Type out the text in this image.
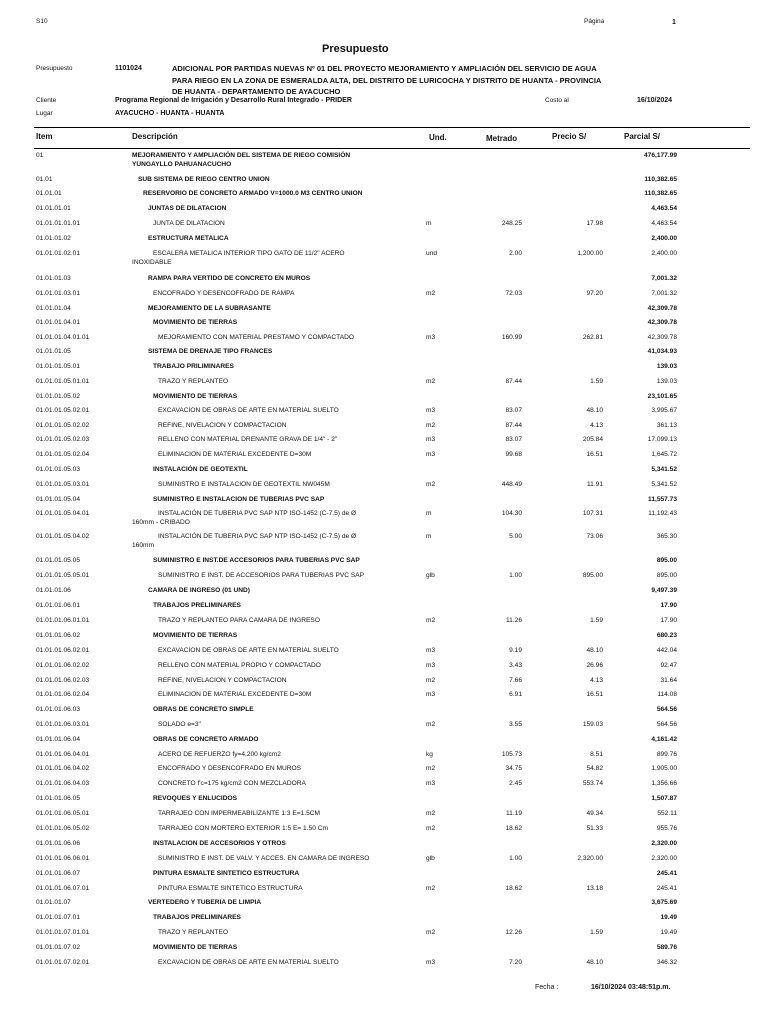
S10	Página	1
Presupuesto
Presupuesto	1101024	ADICIONAL POR PARTIDAS NUEVAS Nº 01 DEL PROYECTO MEJORAMIENTO Y AMPLIACIÓN DEL SERVICIO DE AGUA
PARA RIEGO EN LA ZONA DE ESMERALDA ALTA, DEL DISTRITO DE LURICOCHA Y DISTRITO DE HUANTA - PROVINCIA
DE HUANTA - DEPARTAMENTO DE AYACUCHO
Cliente	Programa Regional de Irrigación y Desarrollo Rural Integrado - PRIDER	Costo al	16/10/2024
Lugar	AYACUCHO - HUANTA - HUANTA
Item	Descripción	Und.	Metrado	Precio S/	Parcial S/
01	MEJORAMIENTO Y AMPLIACIÓN DEL SISTEMA DE RIEGO COMISIÓN
YUNGAYLLO PAHUANACUCHO
476,177.99
01.01	SUB SISTEMA DE RIEGO CENTRO UNION	110,382.65
01.01.01	RESERVORIO DE CONCRETO ARMADO V=1000.0 M3 CENTRO UNION	110,382.65
01.01.01.01	JUNTAS DE DILATACION	4,463.54
01.01.01.01.01	JUNTA DE DILATACION	m	248.25	17.98	4,463.54
01.01.01.02	ESTRUCTURA METALICA	2,400.00
01.01.01.02.01	ESCALERA METALICA INTERIOR TIPO GATO DE 11/2" ACERO
INOXIDABLE
und	2.00	1,200.00	2,400.00
01.01.01.03	RAMPA PARA VERTIDO DE CONCRETO EN MUROS	7,001.32
01.01.01.03.01	ENCOFRADO Y DESENCOFRADO DE RAMPA	m2	72.03	97.20	7,001.32
01.01.01.04	MEJORAMIENTO DE LA SUBRASANTE	42,309.78
01.01.01.04.01	MOVIMIENTO DE TIERRAS	42,309.78
01.01.01.04.01.01	MEJORAMIENTO CON MATERIAL PRESTAMO Y COMPACTADO	m3	160.99	262.81	42,309.78
01.01.01.05	SISTEMA DE DRENAJE TIPO FRANCES	41,034.93
01.01.01.05.01	TRABAJO PRILIMINARES	139.03
01.01.01.05.01.01	TRAZO Y REPLANTEO	m2	87.44	1.59	139.03
01.01.01.05.02	MOVIMIENTO DE TIERRAS	23,101.65
01.01.01.05.02.01	EXCAVACION DE OBRAS DE ARTE EN MATERIAL SUELTO	m3	83.07	48.10	3,995.67
01.01.01.05.02.02	REFINE, NIVELACION Y COMPACTACION	m2	87.44	4.13	361.13
01.01.01.05.02.03	RELLENO CON MATERIAL DRENANTE GRAVA DE 1/4" - 2"	m3	83.07	205.84	17,099.13
01.01.01.05.02.04	ELIMINACION DE MATERIAL EXCEDENTE D=30M	m3	99.68	16.51	1,645.72
01.01.01.05.03	INSTALACIÓN DE GEOTEXTIL	5,341.52
01.01.01.05.03.01	SUMINISTRO E INSTALACION DE GEOTEXTIL NW045M	m2	448.49	11.91	5,341.52
01.01.01.05.04	SUMINISTRO E INSTALACION DE TUBERIAS PVC SAP	11,557.73
01.01.01.05.04.01	INSTALACIÓN DE TUBERIA PVC SAP NTP ISO-1452 (C-7.5) de Ø
160mm - CRIBADO
m	104.30	107.31	11,192.43
01.01.01.05.04.02	INSTALACIÓN DE TUBERIA PVC SAP NTP ISO-1452 (C-7.5) de Ø
160mm
m	5.00	73.06	365.30
01.01.01.05.05	SUMINISTRO E INST.DE ACCESORIOS PARA TUBERIAS PVC SAP	895.00
01.01.01.05.05.01	SUMINISTRO E INST. DE ACCESORIOS PARA TUBERIAS PVC SAP	glb	1.00	895.00	895.00
01.01.01.06	CAMARA DE INGRESO (01 UND)	9,497.39
01.01.01.06.01	TRABAJOS PRELIMINARES	17.90
01.01.01.06.01.01	TRAZO Y REPLANTEO PARA CAMARA DE INGRESO	m2	11.26	1.59	17.90
01.01.01.06.02	MOVIMIENTO DE TIERRAS	680.23
01.01.01.06.02.01	EXCAVACION DE OBRAS DE ARTE EN MATERIAL SUELTO	m3	9.19	48.10	442.04
01.01.01.06.02.02	RELLENO CON MATERIAL PROPIO Y COMPACTADO	m3	3.43	26.96	92.47
01.01.01.06.02.03	REFINE, NIVELACION Y COMPACTACION	m2	7.66	4.13	31.64
01.01.01.06.02.04	ELIMINACION DE MATERIAL EXCEDENTE D=30M	m3	6.91	16.51	114.08
01.01.01.06.03	OBRAS DE CONCRETO SIMPLE	564.56
01.01.01.06.03.01	SOLADO e=3"	m2	3.55	159.03	564.56
01.01.01.06.04	OBRAS DE CONCRETO ARMADO	4,161.42
01.01.01.06.04.01	ACERO DE REFUERZO fy=4,200 kg/cm2	kg	105.73	8.51	899.76
01.01.01.06.04.02	ENCOFRADO Y DESENCOFRADO EN MUROS	m2	34.75	54.82	1,905.00
01.01.01.06.04.03	CONCRETO f'c=175 kg/cm2 CON MEZCLADORA	m3	2.45	553.74	1,356.66
01.01.01.06.05	REVOQUES Y ENLUCIDOS	1,507.87
01.01.01.06.05.01	TARRAJEO CON IMPERMEABILIZANTE 1:3 E=1.5CM	m2	11.19	49.34	552.11
01.01.01.06.05.02	TARRAJEO CON MORTERO EXTERIOR 1:5 E= 1.50 Cm	m2	18.62	51.33	955.76
01.01.01.06.06	INSTALACION DE ACCESORIOS Y OTROS	2,320.00
01.01.01.06.06.01	SUMINISTRO E INST. DE VALV. Y ACCES. EN CAMARA DE INGRESO	glb	1.00	2,320.00	2,320.00
01.01.01.06.07	PINTURA ESMALTE SINTETICO ESTRUCTURA	245.41
01.01.01.06.07.01	PINTURA ESMALTE SINTETICO ESTRUCTURA	m2	18.62	13.18	245.41
01.01.01.07	VERTEDERO Y TUBERIA DE LIMPIA	3,675.69
01.01.01.07.01	TRABAJOS PRELIMINARES	19.49
01.01.01.07.01.01	TRAZO Y REPLANTEO	m2	12.26	1.59	19.49
01.01.01.07.02	MOVIMIENTO DE TIERRAS	589.76
01.01.01.07.02.01	EXCAVACION DE OBRAS DE ARTE EN MATERIAL SUELTO	m3	7.20	48.10	346.32
Fecha :	16/10/2024 03:48:51p.m.
